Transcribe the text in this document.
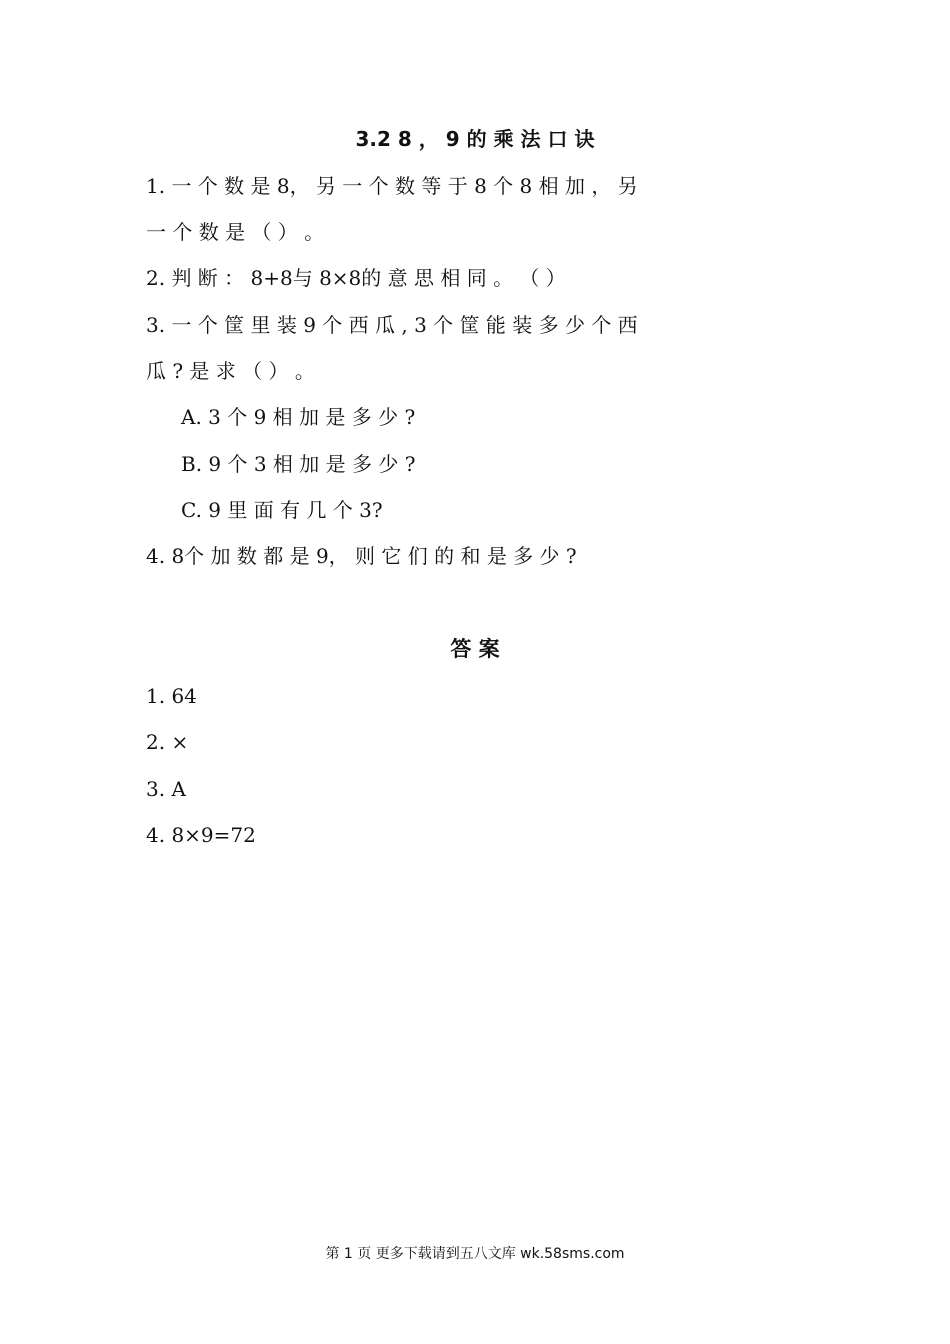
3.2 8 ， 9 的 乘 法 口 诀
1. 一 个 数 是 8， 另 一 个 数 等 于 8 个 8 相 加 ， 另
一 个 数 是 （ ） 。
2. 判 断 ： 8+8与 8×8的 意 思 相 同 。 （ ）
3. 一 个 筐 里 装 9 个 西 瓜 , 3 个 筐 能 装 多 少 个 西
瓜 ? 是 求 （ ） 。
A. 3 个 9 相 加 是 多 少 ?
B. 9 个 3 相 加 是 多 少 ?
C. 9 里 面 有 几 个 3?
4. 8个 加 数 都 是 9， 则 它 们 的 和 是 多 少 ?
答 案
1. 64
2. ×
3. A
4. 8×9=72
第 1 页 更多下载请到五八文库 wk.58sms.com
